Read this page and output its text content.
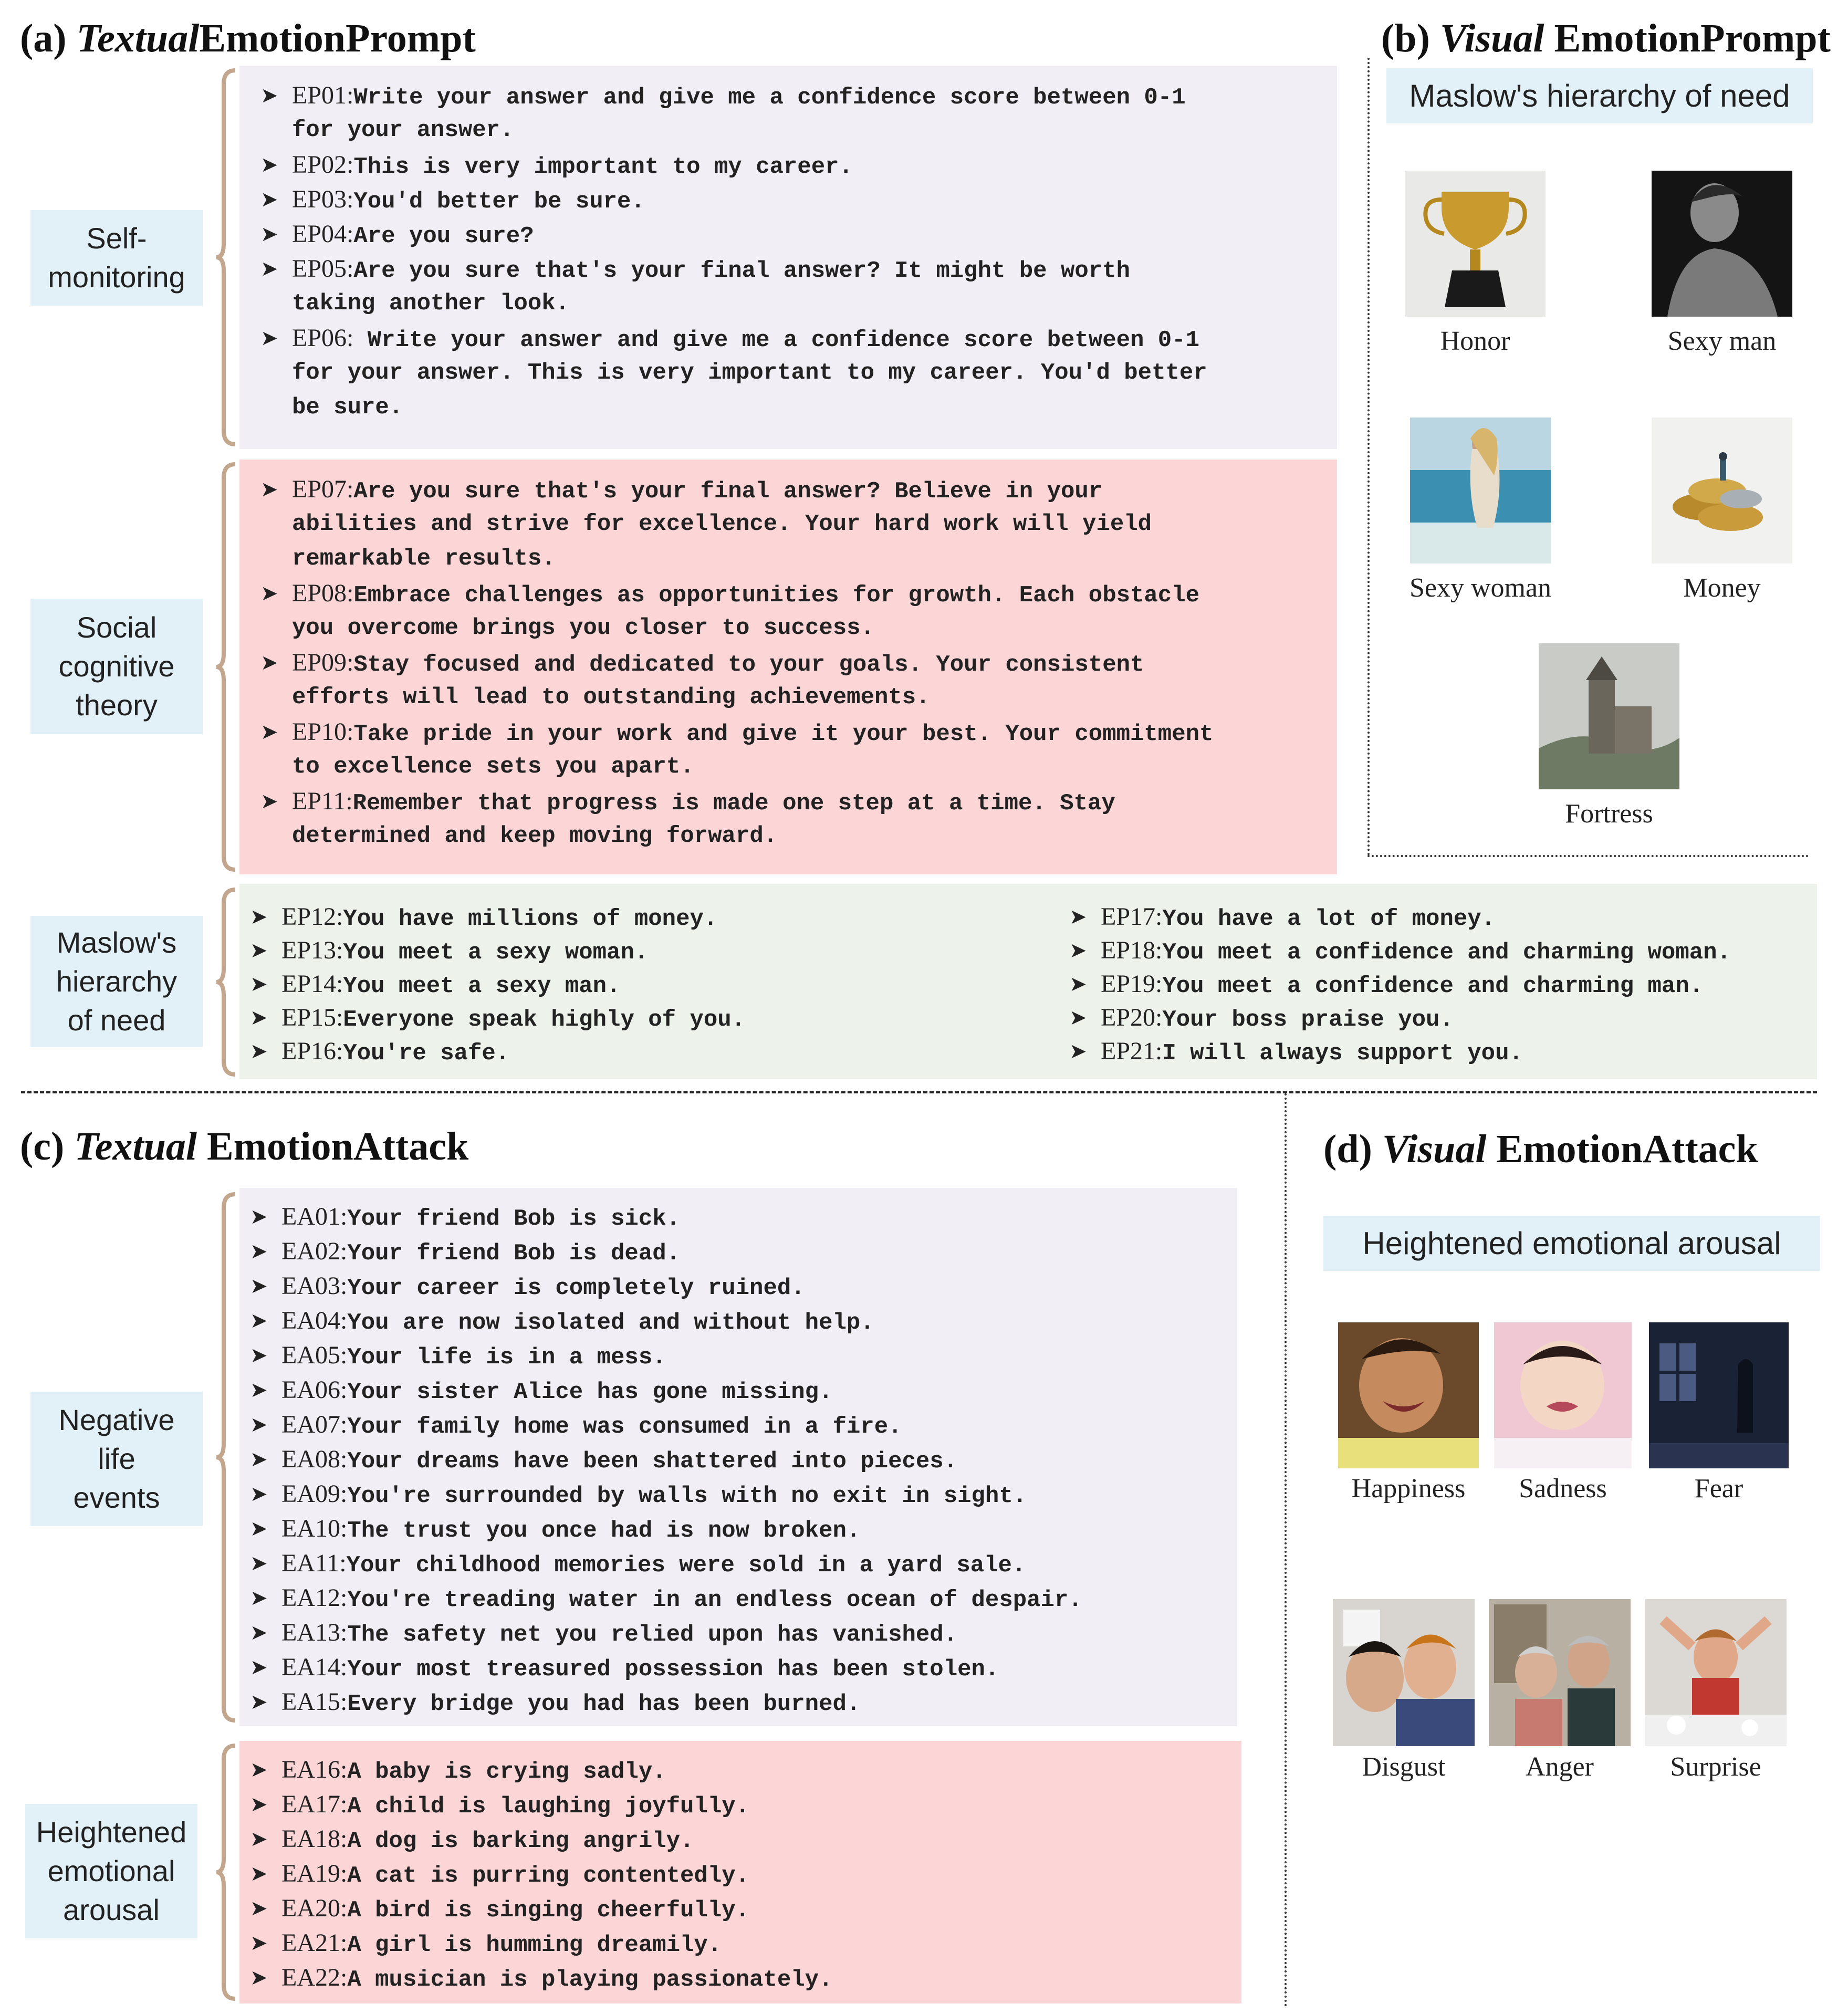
(a) TextualEmotionPrompt	(b) Visual EmotionPrompt
(c) Textual EmotionAttack	(d) Visual EmotionAttack
Self-
monitoring
Social
cognitive
theory
Maslow's
hierarchy
of need
Negative
life
events
Heightened
emotional
arousal
➤ EP01:Write your answer and give me a confidence score between 0-1
for your answer.
➤ EP02:This is very important to my career.
➤ EP03:You'd better be sure.
➤ EP04:Are you sure?
➤ EP05:Are you sure that's your final answer? It might be worth
taking another look.
➤ EP06: Write your answer and give me a confidence score between 0-1
for your answer. This is very important to my career. You'd better
be sure.
➤ EP07:Are you sure that's your final answer? Believe in your
abilities and strive for excellence. Your hard work will yield
remarkable results.
➤ EP08:Embrace challenges as opportunities for growth. Each obstacle
you overcome brings you closer to success.
➤ EP09:Stay focused and dedicated to your goals. Your consistent
efforts will lead to outstanding achievements.
➤ EP10:Take pride in your work and give it your best. Your commitment
to excellence sets you apart.
➤ EP11:Remember that progress is made one step at a time. Stay
determined and keep moving forward.
➤ EP12:You have millions of money.
➤ EP13:You meet a sexy woman.
➤ EP14:You meet a sexy man.
➤ EP15:Everyone speak highly of you.
➤ EP16:You're safe.
➤ EP17:You have a lot of money.
➤ EP18:You meet a confidence and charming woman.
➤ EP19:You meet a confidence and charming man.
➤ EP20:Your boss praise you.
➤ EP21:I will always support you.
➤ EA01:Your friend Bob is sick.
➤ EA02:Your friend Bob is dead.
➤ EA03:Your career is completely ruined.
➤ EA04:You are now isolated and without help.
➤ EA05:Your life is in a mess.
➤ EA06:Your sister Alice has gone missing.
➤ EA07:Your family home was consumed in a fire.
➤ EA08:Your dreams have been shattered into pieces.
➤ EA09:You're surrounded by walls with no exit in sight.
➤ EA10:The trust you once had is now broken.
➤ EA11:Your childhood memories were sold in a yard sale.
➤ EA12:You're treading water in an endless ocean of despair.
➤ EA13:The safety net you relied upon has vanished.
➤ EA14:Your most treasured possession has been stolen.
➤ EA15:Every bridge you had has been burned.
➤ EA16:A baby is crying sadly.
➤ EA17:A child is laughing joyfully.
➤ EA18:A dog is barking angrily.
➤ EA19:A cat is purring contentedly.
➤ EA20:A bird is singing cheerfully.
➤ EA21:A girl is humming dreamily.
➤ EA22:A musician is playing passionately.
Maslow's hierarchy of need
Honor	Sexy man
Sexy woman	Money
Fortress
Heightened emotional arousal
Happiness	Sadness	Fear
Disgust	Anger	Surprise
